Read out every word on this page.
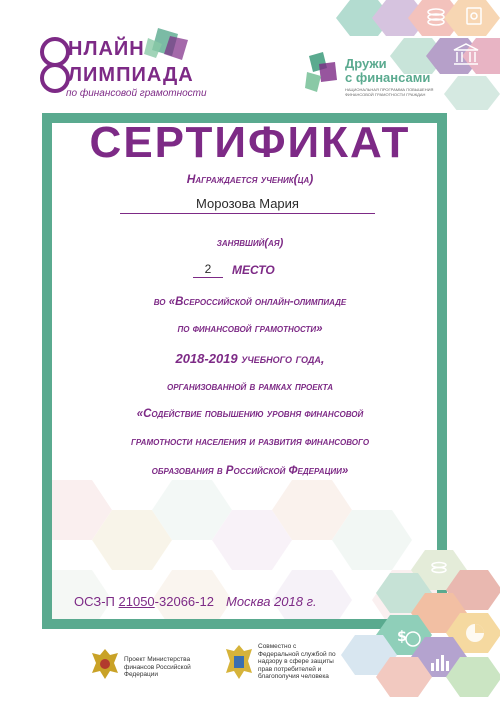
НЛАЙН
ЛИМПИАДА
по финансовой грамотности
Дружи
с финансами
НАЦИОНАЛЬНАЯ ПРОГРАММА ПОВЫШЕНИЯ ФИНАНСОВОЙ ГРАМОТНОСТИ ГРАЖДАН
$
СЕРТИФИКАТ
Награждается ученик(ца)
Морозова Мария
занявший(ая)
2	МЕСТО
во «Всероссийской онлайн-олимпиаде
по финансовой грамотности»
2018-2019 учебного года,
организованной в рамках проекта
«Содействие повышению уровня финансовой
грамотности населения и развития финансового
образования в Российской Федерации»
ОСЗ-П 21050-32066-12 Москва 2018 г.
Проект Министерства финансов Российской Федерации
Совместно с Федеральной службой по надзору в сфере защиты прав потребителей и благополучия человека
